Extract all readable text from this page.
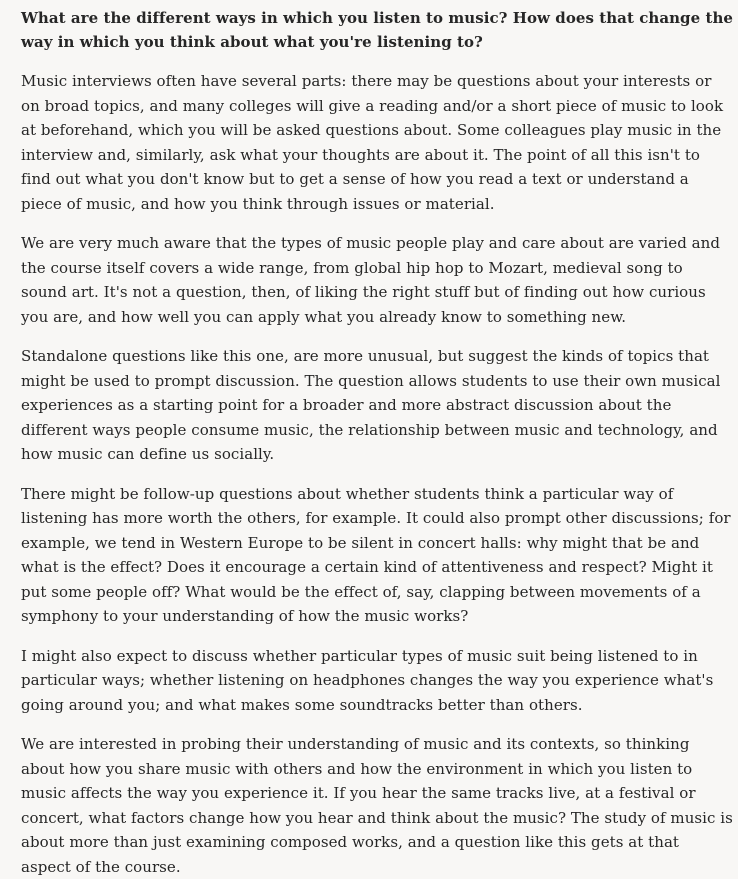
What are the different ways in which you listen to music? How does that change the way in which you think about what you're listening to?

Music interviews often have several parts: there may be questions about your interests or on broad topics, and many colleges will give a reading and/or a short piece of music to look at beforehand, which you will be asked questions about. Some colleagues play music in the interview and, similarly, ask what your thoughts are about it. The point of all this isn't to find out what you don't know but to get a sense of how you read a text or understand a piece of music, and how you think through issues or material.

We are very much aware that the types of music people play and care about are varied and the course itself covers a wide range, from global hip hop to Mozart, medieval song to sound art. It's not a question, then, of liking the right stuff but of finding out how curious you are, and how well you can apply what you already know to something new.

Standalone questions like this one, are more unusual, but suggest the kinds of topics that might be used to prompt discussion. The question allows students to use their own musical experiences as a starting point for a broader and more abstract discussion about the different ways people consume music, the relationship between music and technology, and how music can define us socially.

There might be follow-up questions about whether students think a particular way of listening has more worth the others, for example. It could also prompt other discussions; for example, we tend in Western Europe to be silent in concert halls: why might that be and what is the effect? Does it encourage a certain kind of attentiveness and respect? Might it put some people off? What would be the effect of, say, clapping between movements of a symphony to your understanding of how the music works?

I might also expect to discuss whether particular types of music suit being listened to in particular ways; whether listening on headphones changes the way you experience what's going around you; and what makes some soundtracks better than others.

We are interested in probing their understanding of music and its contexts, so thinking about how you share music with others and how the environment in which you listen to music affects the way you experience it. If you hear the same tracks live, at a festival or concert, what factors change how you hear and think about the music? The study of music is about more than just examining composed works, and a question like this gets at that aspect of the course.
